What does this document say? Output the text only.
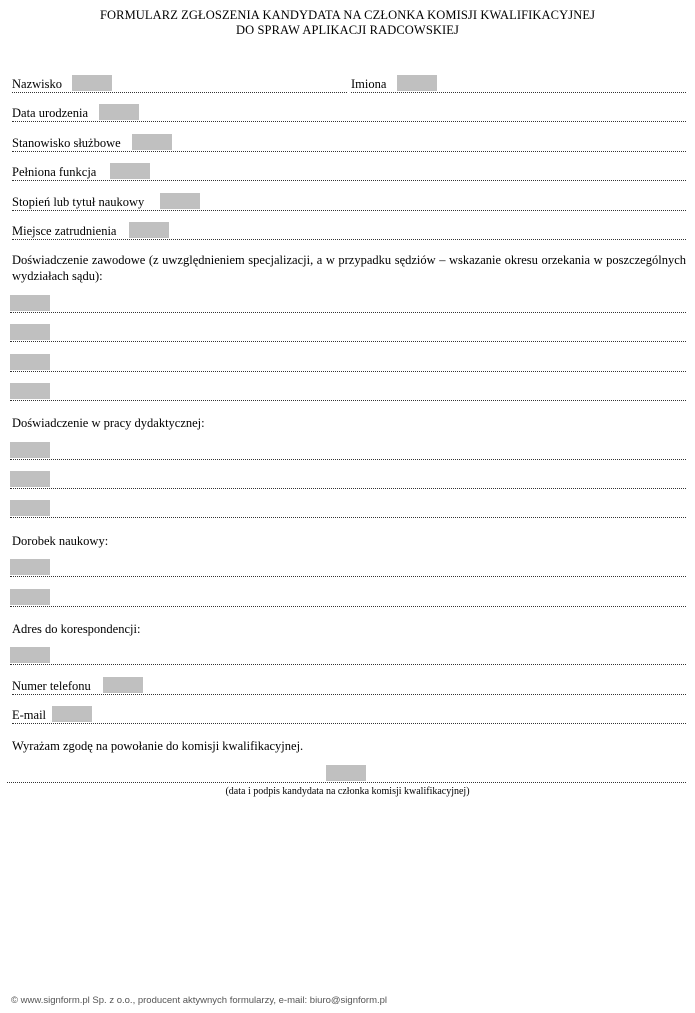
FORMULARZ ZGŁOSZENIA KANDYDATA NA CZŁONKA KOMISJI KWALIFIKACYJNEJ
DO SPRAW APLIKACJI RADCOWSKIEJ
Nazwisko	Imiona
Data urodzenia
Stanowisko służbowe
Pełniona funkcja
Stopień lub tytuł naukowy
Miejsce zatrudnienia
Doświadczenie zawodowe (z uwzględnieniem specjalizacji, a w przypadku sędziów – wskazanie okresu orzekania w poszczególnych wydziałach sądu):
Doświadczenie w pracy dydaktycznej:
Dorobek naukowy:
Adres do korespondencji:
Numer telefonu
E-mail
Wyrażam zgodę na powołanie do komisji kwalifikacyjnej.
(data i podpis kandydata na członka komisji kwalifikacyjnej)
© www.signform.pl Sp. z o.o., producent aktywnych formularzy, e-mail: biuro@signform.pl
